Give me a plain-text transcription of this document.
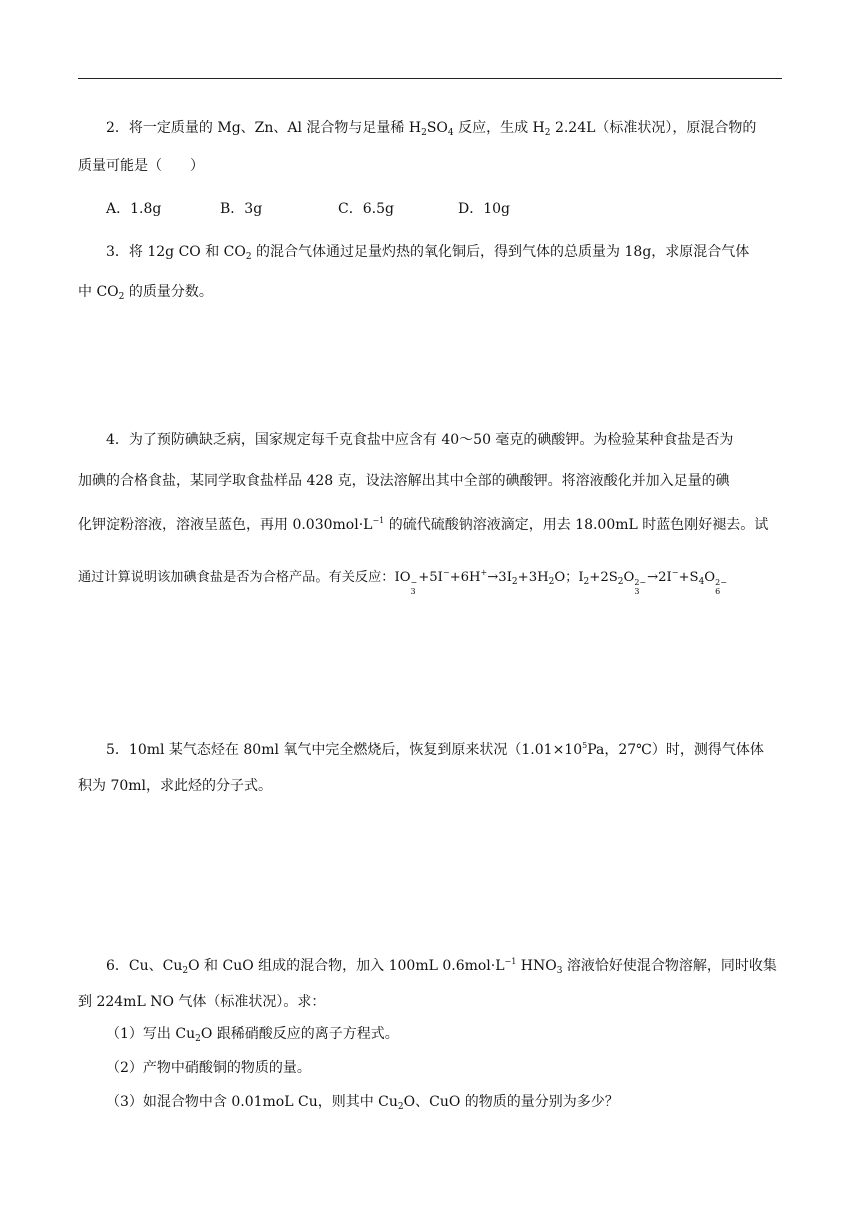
2．将一定质量的 Mg、Zn、Al 混合物与足量稀 $H_2SO_4$ 反应，生成 $H_2$ 2.24L（标准状况），原混合物的
质量可能是（　　）
A．1.8g	B．3g	C．6.5g	D．10g
3．将 12g CO 和 $CO_2$ 的混合气体通过足量灼热的氧化铜后，得到气体的总质量为 18g，求原混合气体
中 $CO_2$ 的质量分数。
4．为了预防碘缺乏病，国家规定每千克食盐中应含有 40～50 毫克的碘酸钾。为检验某种食盐是否为
加碘的合格食盐，某同学取食盐样品 428 克，设法溶解出其中全部的碘酸钾。将溶液酸化并加入足量的碘
化钾淀粉溶液，溶液呈蓝色，再用 $0.030mol\cdot L^{-1}$ 的硫代硫酸钠溶液滴定，用去 18.00mL 时蓝色刚好褪去。试
通过计算说明该加碘食盐是否为合格产品。有关反应：IO −
3
$+5I^-+6H^+\to 3I_2+3H_2O$；$I_2+2S_2O$ 2−
3
$\to 2I^-+S_4O$ 2−
6
5．10ml 某气态烃在 80ml 氧气中完全燃烧后，恢复到原来状况（$1.01\times 10^5Pa$，27℃）时，测得气体体
积为 70ml，求此烃的分子式。
6．Cu、$Cu_2O$ 和 CuO 组成的混合物，加入 100mL $0.6mol\cdot L^{-1}$ $HNO_3$ 溶液恰好使混合物溶解，同时收集
到 224mL NO 气体（标准状况）。求：
（1）写出 $Cu_2O$ 跟稀硝酸反应的离子方程式。
（2）产物中硝酸铜的物质的量。
（3）如混合物中含 0.01moL Cu，则其中 $Cu_2O$、CuO 的物质的量分别为多少？
